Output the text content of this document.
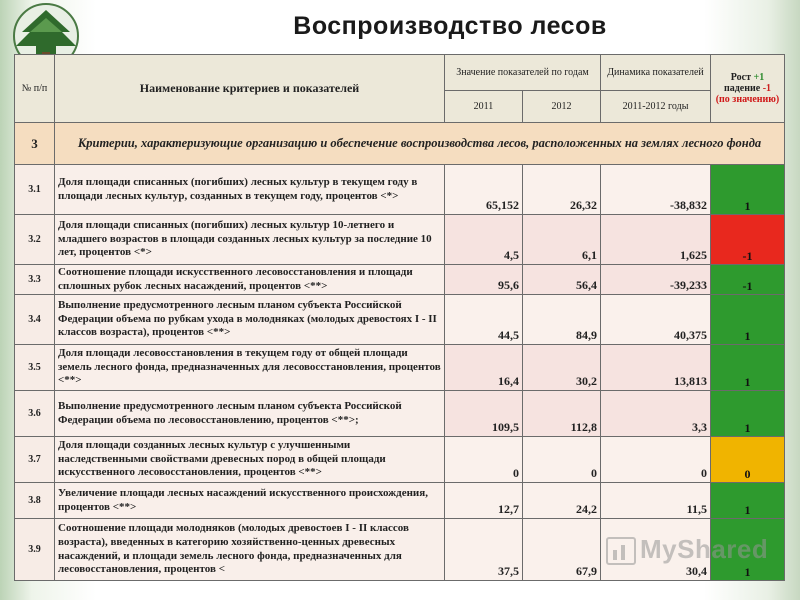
Воспроизводство лесов
№ п/п	Наименование критериев и показателей	Значение показателей по годам		Динамика показателей	Рост +1
падение -1
(по значению)

		2011	2012	2011-2012 годы	
3	Критерии, характеризующие организацию и обеспечение воспроизводства лесов, расположенных на землях лесного фонда				
3.1	Доля площади списанных (погибших) лесных культур в текущем году в площади лесных культур, созданных в текущем году, процентов <*>	65,152	26,32	-38,832	1
3.2	Доля площади списанных (погибших) лесных культур 10-летнего и младшего возрастов в площади созданных лесных культур за последние 10 лет, процентов <*>	4,5	6,1	1,625	-1
3.3	Соотношение площади искусственного лесовосстановления и площади сплошных рубок лесных насаждений, процентов <**>	95,6	56,4	-39,233	-1
3.4	Выполнение предусмотренного лесным планом субъекта Российской Федерации объема по рубкам ухода в молодняках (молодых древостоях I - II классов возраста), процентов <**>	44,5	84,9	40,375	1
3.5	Доля площади лесовосстановления в текущем году от общей площади земель лесного фонда, предназначенных для лесовосстановления, процентов <**>	16,4	30,2	13,813	1
3.6	Выполнение предусмотренного лесным планом субъекта Российской Федерации объема по лесовосстановлению, процентов <**>;	109,5	112,8	3,3	1
3.7	Доля площади созданных лесных культур с улучшенными наследственными свойствами древесных пород в общей площади искусственного лесовосстановления, процентов <**>	0	0	0	0
3.8	Увеличение площади лесных насаждений искусственного происхождения, процентов <**>	12,7	24,2	11,5	1
3.9	Соотношение площади молодняков (молодых древостоев I - II классов возраста), введенных в категорию хозяйственно-ценных древесных насаждений, и площади земель лесного фонда, предназначенных для лесовосстановления, процентов <	37,5	67,9	30,4	1
MyShared
